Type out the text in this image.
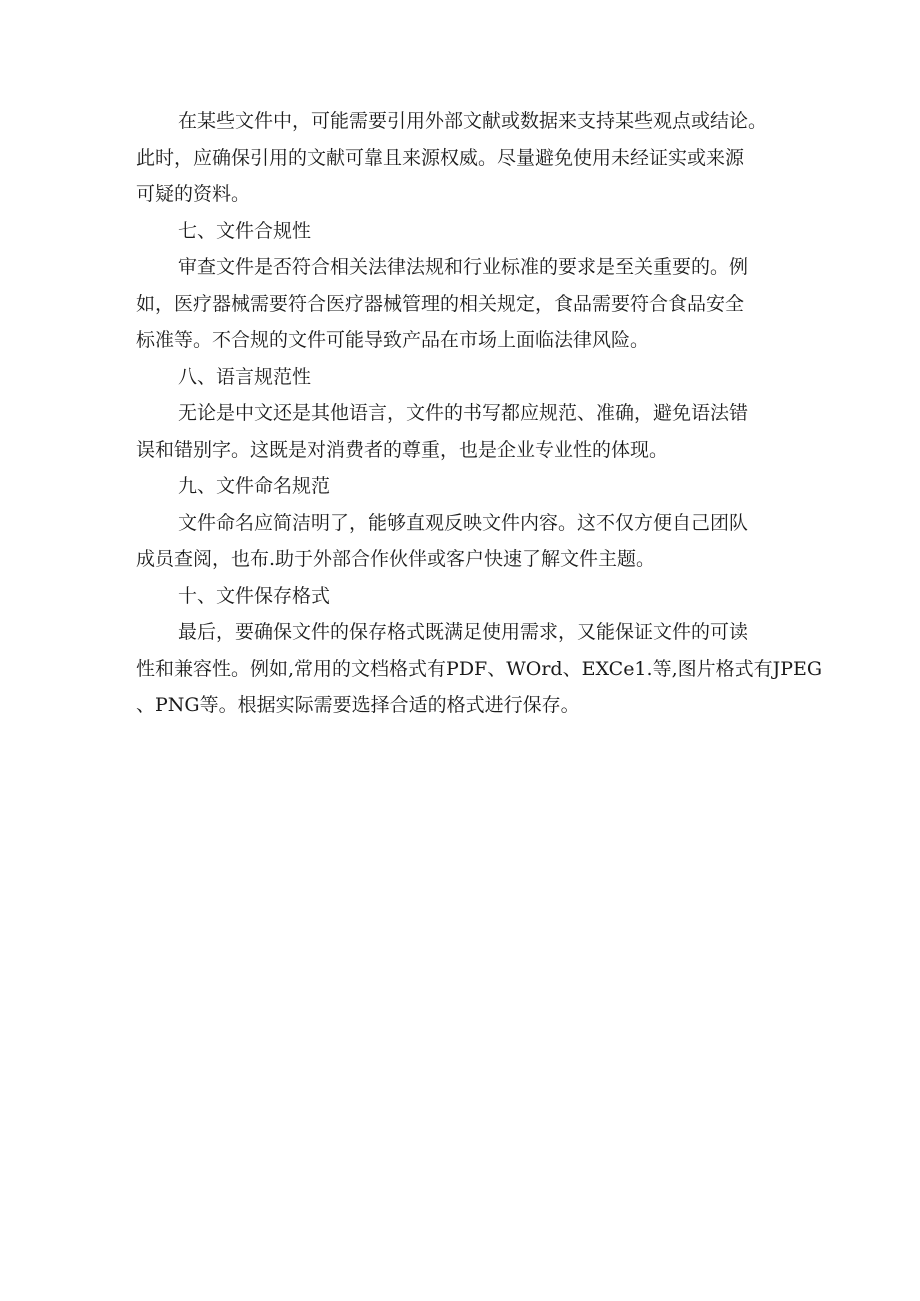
在某些文件中，可能需要引用外部文献或数据来支持某些观点或结论。
此时，应确保引用的文献可靠且来源权威。尽量避免使用未经证实或来源
可疑的资料。
七、文件合规性
审查文件是否符合相关法律法规和行业标准的要求是至关重要的。例
如，医疗器械需要符合医疗器械管理的相关规定，食品需要符合食品安全
标准等。不合规的文件可能导致产品在市场上面临法律风险。
八、语言规范性
无论是中文还是其他语言，文件的书写都应规范、准确，避免语法错
误和错别字。这既是对消费者的尊重，也是企业专业性的体现。
九、文件命名规范
文件命名应简洁明了，能够直观反映文件内容。这不仅方便自己团队
成员查阅，也布.助于外部合作伙伴或客户快速了解文件主题。
十、文件保存格式
最后，要确保文件的保存格式既满足使用需求，又能保证文件的可读
性和兼容性。例如,常用的文档格式有PDF、WOrd、EXCe1.等,图片格式有JPEG
、PNG等。根据实际需要选择合适的格式进行保存。
